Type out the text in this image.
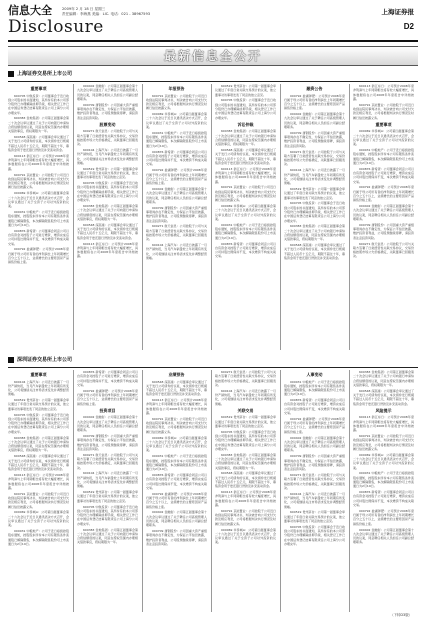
信息大全	2009年 2 月 18 日 星期三
责任编辑：李海燕 美编：LIC. 电话：021 - 38967593	上海证券报
Disclosure	D2
最新信息全公开
上海证券交易所上市公司
深圳证券交易所上市公司
重要事项

600705 中航投资：公司董事会于近日收到公司股东的书面通知，其所持有的本公司部分股份已办理解除质押手续，相关登记工作已在中国证券登记结算有限责任公司上海分公司办理完毕。

600383 金地集团：公司第五届董事会第二十次会议审议通过了关于公司向银行申请综合授信额度的议案，同意在授权范围内办理相关借款事宜，授权期限为一年。

600548 深高速：公司董事会审议通过了关于发行公司债券的议案，本次债券发行规模不超过人民币十五亿元，期限不超过十年，募集资金用于偿还银行贷款及补充流动资金。

600113 浙江东日：公司预计2008年度净利润与上年同期相比将有较大幅度增长，具体数据将在公司2008年年度报告中详细披露。

600791 京能置业：公司控股子公司近日收到法院民事判决书，判决被告向公司支付欠款及相应利息，公司将根据判决执行情况及时履行信息披露义务。

000069 华侨城A：公司第四届董事会第二十六次会议于近日以通讯表决方式召开，会议审议通过了关于全资子公司对外投资的议案。

000031 中粮地产：公司于近日接到控股股东通知，控股股东所持本公司有限售条件流通股已解除限售，本次解除限售股份可上市流通日为2月19日。

000876 新希望：公司董事会同意公司以自有资金对控股子公司进行增资，增资完成后公司持股比例保持不变，本次增资不构成关联交易。

000792 盐湖钾肥：公司预计2008年度归属于母公司所有者的净利润比上年同期增长百分之五十以上，业绩增长的主要原因是产品销售价格上涨。

000402 金融街：公司第五届董事会第十九次会议审议通过了关于聘任公司高级管理人员的议案，同意聘任相关人员担任公司副总经理职务。

000709 唐钢股份：公司因重大资产重组事项尚存在不确定性，为保证公平信息披露，维护投资者利益，公司股票继续停牌，请投资者注意投资风险。

股票变动

600271 航天信息：公司控股子公司与关联方签署了日常经营性关联交易协议，交易价格按照市场公允价格确定，关联董事已回避表决。

600104 上海汽车：公司近日披露了一月份产销快报，当月汽车销量较上年同期有所变化，公司将继续关注市场需求变化并调整经营策略。

600519 贵州茅台：公司第一届董事会审议通过了年度日常关联交易预计的议案，独立董事对该事项发表了同意的独立意见。

600705 中航投资：公司董事会于近日收到公司股东的书面通知，其所持有的本公司部分股份已办理解除质押手续，相关登记工作已在中国证券登记结算有限责任公司上海分公司办理完毕。

600383 金地集团：公司第五届董事会第二十次会议审议通过了关于公司向银行申请综合授信额度的议案，同意在授权范围内办理相关借款事宜，授权期限为一年。

600548 深高速：公司董事会审议通过了关于发行公司债券的议案，本次债券发行规模不超过人民币十五亿元，期限不超过十年，募集资金用于偿还银行贷款及补充流动资金。

600113 浙江东日：公司预计2008年度净利润与上年同期相比将有较大幅度增长，具体数据将在公司2008年年度报告中详细披露。

年报预告

600791 京能置业：公司控股子公司近日收到法院民事判决书，判决被告向公司支付欠款及相应利息，公司将根据判决执行情况及时履行信息披露义务。

000069 华侨城A：公司第四届董事会第二十六次会议于近日以通讯表决方式召开，会议审议通过了关于全资子公司对外投资的议案。

000031 中粮地产：公司于近日接到控股股东通知，控股股东所持本公司有限售条件流通股已解除限售，本次解除限售股份可上市流通日为2月19日。

000876 新希望：公司董事会同意公司以自有资金对控股子公司进行增资，增资完成后公司持股比例保持不变，本次增资不构成关联交易。

000792 盐湖钾肥：公司预计2008年度归属于母公司所有者的净利润比上年同期增长百分之五十以上，业绩增长的主要原因是产品销售价格上涨。

000402 金融街：公司第五届董事会第十九次会议审议通过了关于聘任公司高级管理人员的议案，同意聘任相关人员担任公司副总经理职务。

000709 唐钢股份：公司因重大资产重组事项尚存在不确定性，为保证公平信息披露，维护投资者利益，公司股票继续停牌，请投资者注意投资风险。

600271 航天信息：公司控股子公司与关联方签署了日常经营性关联交易协议，交易价格按照市场公允价格确定，关联董事已回避表决。

600104 上海汽车：公司近日披露了一月份产销快报，当月汽车销量较上年同期有所变化，公司将继续关注市场需求变化并调整经营策略。

600519 贵州茅台：公司第一届董事会审议通过了年度日常关联交易预计的议案，独立董事对该事项发表了同意的独立意见。

600705 中航投资：公司董事会于近日收到公司股东的书面通知，其所持有的本公司部分股份已办理解除质押手续，相关登记工作已在中国证券登记结算有限责任公司上海分公司办理完毕。

诉讼仲裁

600383 金地集团：公司第五届董事会第二十次会议审议通过了关于公司向银行申请综合授信额度的议案，同意在授权范围内办理相关借款事宜，授权期限为一年。

600548 深高速：公司董事会审议通过了关于发行公司债券的议案，本次债券发行规模不超过人民币十五亿元，期限不超过十年，募集资金用于偿还银行贷款及补充流动资金。

600113 浙江东日：公司预计2008年度净利润与上年同期相比将有较大幅度增长，具体数据将在公司2008年年度报告中详细披露。

600791 京能置业：公司控股子公司近日收到法院民事判决书，判决被告向公司支付欠款及相应利息，公司将根据判决执行情况及时履行信息披露义务。

000069 华侨城A：公司第四届董事会第二十六次会议于近日以通讯表决方式召开，会议审议通过了关于全资子公司对外投资的议案。

000031 中粮地产：公司于近日接到控股股东通知，控股股东所持本公司有限售条件流通股已解除限售，本次解除限售股份可上市流通日为2月19日。

000876 新希望：公司董事会同意公司以自有资金对控股子公司进行增资，增资完成后公司持股比例保持不变，本次增资不构成关联交易。

融资公告

000792 盐湖钾肥：公司预计2008年度归属于母公司所有者的净利润比上年同期增长百分之五十以上，业绩增长的主要原因是产品销售价格上涨。

000402 金融街：公司第五届董事会第十九次会议审议通过了关于聘任公司高级管理人员的议案，同意聘任相关人员担任公司副总经理职务。

000709 唐钢股份：公司因重大资产重组事项尚存在不确定性，为保证公平信息披露，维护投资者利益，公司股票继续停牌，请投资者注意投资风险。

600271 航天信息：公司控股子公司与关联方签署了日常经营性关联交易协议，交易价格按照市场公允价格确定，关联董事已回避表决。

600104 上海汽车：公司近日披露了一月份产销快报，当月汽车销量较上年同期有所变化，公司将继续关注市场需求变化并调整经营策略。

600519 贵州茅台：公司第一届董事会审议通过了年度日常关联交易预计的议案，独立董事对该事项发表了同意的独立意见。

600705 中航投资：公司董事会于近日收到公司股东的书面通知，其所持有的本公司部分股份已办理解除质押手续，相关登记工作已在中国证券登记结算有限责任公司上海分公司办理完毕。

600383 金地集团：公司第五届董事会第二十次会议审议通过了关于公司向银行申请综合授信额度的议案，同意在授权范围内办理相关借款事宜，授权期限为一年。

600548 深高速：公司董事会审议通过了关于发行公司债券的议案，本次债券发行规模不超过人民币十五亿元，期限不超过十年，募集资金用于偿还银行贷款及补充流动资金。

600113 浙江东日：公司预计2008年度净利润与上年同期相比将有较大幅度增长，具体数据将在公司2008年年度报告中详细披露。

600791 京能置业：公司控股子公司近日收到法院民事判决书，判决被告向公司支付欠款及相应利息，公司将根据判决执行情况及时履行信息披露义务。

重要事项

000069 华侨城A：公司第四届董事会第二十六次会议于近日以通讯表决方式召开，会议审议通过了关于全资子公司对外投资的议案。

000031 中粮地产：公司于近日接到控股股东通知，控股股东所持本公司有限售条件流通股已解除限售，本次解除限售股份可上市流通日为2月19日。

000876 新希望：公司董事会同意公司以自有资金对控股子公司进行增资，增资完成后公司持股比例保持不变，本次增资不构成关联交易。

000792 盐湖钾肥：公司预计2008年度归属于母公司所有者的净利润比上年同期增长百分之五十以上，业绩增长的主要原因是产品销售价格上涨。

000402 金融街：公司第五届董事会第十九次会议审议通过了关于聘任公司高级管理人员的议案，同意聘任相关人员担任公司副总经理职务。

000709 唐钢股份：公司因重大资产重组事项尚存在不确定性，为保证公平信息披露，维护投资者利益，公司股票继续停牌，请投资者注意投资风险。

600271 航天信息：公司控股子公司与关联方签署了日常经营性关联交易协议，交易价格按照市场公允价格确定，关联董事已回避表决。

重要事项

600104 上海汽车：公司近日披露了一月份产销快报，当月汽车销量较上年同期有所变化，公司将继续关注市场需求变化并调整经营策略。

600519 贵州茅台：公司第一届董事会审议通过了年度日常关联交易预计的议案，独立董事对该事项发表了同意的独立意见。

600705 中航投资：公司董事会于近日收到公司股东的书面通知，其所持有的本公司部分股份已办理解除质押手续，相关登记工作已在中国证券登记结算有限责任公司上海分公司办理完毕。

600383 金地集团：公司第五届董事会第二十次会议审议通过了关于公司向银行申请综合授信额度的议案，同意在授权范围内办理相关借款事宜，授权期限为一年。

600548 深高速：公司董事会审议通过了关于发行公司债券的议案，本次债券发行规模不超过人民币十五亿元，期限不超过十年，募集资金用于偿还银行贷款及补充流动资金。

600113 浙江东日：公司预计2008年度净利润与上年同期相比将有较大幅度增长，具体数据将在公司2008年年度报告中详细披露。

600791 京能置业：公司控股子公司近日收到法院民事判决书，判决被告向公司支付欠款及相应利息，公司将根据判决执行情况及时履行信息披露义务。

000069 华侨城A：公司第四届董事会第二十六次会议于近日以通讯表决方式召开，会议审议通过了关于全资子公司对外投资的议案。

000031 中粮地产：公司于近日接到控股股东通知，控股股东所持本公司有限售条件流通股已解除限售，本次解除限售股份可上市流通日为2月19日。

000876 新希望：公司董事会同意公司以自有资金对控股子公司进行增资，增资完成后公司持股比例保持不变，本次增资不构成关联交易。

000792 盐湖钾肥：公司预计2008年度归属于母公司所有者的净利润比上年同期增长百分之五十以上，业绩增长的主要原因是产品销售价格上涨。

投资项目

000402 金融街：公司第五届董事会第十九次会议审议通过了关于聘任公司高级管理人员的议案，同意聘任相关人员担任公司副总经理职务。

000709 唐钢股份：公司因重大资产重组事项尚存在不确定性，为保证公平信息披露，维护投资者利益，公司股票继续停牌，请投资者注意投资风险。

600271 航天信息：公司控股子公司与关联方签署了日常经营性关联交易协议，交易价格按照市场公允价格确定，关联董事已回避表决。

600104 上海汽车：公司近日披露了一月份产销快报，当月汽车销量较上年同期有所变化，公司将继续关注市场需求变化并调整经营策略。

600519 贵州茅台：公司第一届董事会审议通过了年度日常关联交易预计的议案，独立董事对该事项发表了同意的独立意见。

600705 中航投资：公司董事会于近日收到公司股东的书面通知，其所持有的本公司部分股份已办理解除质押手续，相关登记工作已在中国证券登记结算有限责任公司上海分公司办理完毕。

600383 金地集团：公司第五届董事会第二十次会议审议通过了关于公司向银行申请综合授信额度的议案，同意在授权范围内办理相关借款事宜，授权期限为一年。

业绩预告

600548 深高速：公司董事会审议通过了关于发行公司债券的议案，本次债券发行规模不超过人民币十五亿元，期限不超过十年，募集资金用于偿还银行贷款及补充流动资金。

600113 浙江东日：公司预计2008年度净利润与上年同期相比将有较大幅度增长，具体数据将在公司2008年年度报告中详细披露。

600791 京能置业：公司控股子公司近日收到法院民事判决书，判决被告向公司支付欠款及相应利息，公司将根据判决执行情况及时履行信息披露义务。

000069 华侨城A：公司第四届董事会第二十六次会议于近日以通讯表决方式召开，会议审议通过了关于全资子公司对外投资的议案。

000031 中粮地产：公司于近日接到控股股东通知，控股股东所持本公司有限售条件流通股已解除限售，本次解除限售股份可上市流通日为2月19日。

000876 新希望：公司董事会同意公司以自有资金对控股子公司进行增资，增资完成后公司持股比例保持不变，本次增资不构成关联交易。

000792 盐湖钾肥：公司预计2008年度归属于母公司所有者的净利润比上年同期增长百分之五十以上，业绩增长的主要原因是产品销售价格上涨。

000402 金融街：公司第五届董事会第十九次会议审议通过了关于聘任公司高级管理人员的议案，同意聘任相关人员担任公司副总经理职务。

000709 唐钢股份：公司因重大资产重组事项尚存在不确定性，为保证公平信息披露，维护投资者利益，公司股票继续停牌，请投资者注意投资风险。

600271 航天信息：公司控股子公司与关联方签署了日常经营性关联交易协议，交易价格按照市场公允价格确定，关联董事已回避表决。

600104 上海汽车：公司近日披露了一月份产销快报，当月汽车销量较上年同期有所变化，公司将继续关注市场需求变化并调整经营策略。

关联交易

600519 贵州茅台：公司第一届董事会审议通过了年度日常关联交易预计的议案，独立董事对该事项发表了同意的独立意见。

600705 中航投资：公司董事会于近日收到公司股东的书面通知，其所持有的本公司部分股份已办理解除质押手续，相关登记工作已在中国证券登记结算有限责任公司上海分公司办理完毕。

600383 金地集团：公司第五届董事会第二十次会议审议通过了关于公司向银行申请综合授信额度的议案，同意在授权范围内办理相关借款事宜，授权期限为一年。

600548 深高速：公司董事会审议通过了关于发行公司债券的议案，本次债券发行规模不超过人民币十五亿元，期限不超过十年，募集资金用于偿还银行贷款及补充流动资金。

600113 浙江东日：公司预计2008年度净利润与上年同期相比将有较大幅度增长，具体数据将在公司2008年年度报告中详细披露。

600791 京能置业：公司控股子公司近日收到法院民事判决书，判决被告向公司支付欠款及相应利息，公司将根据判决执行情况及时履行信息披露义务。

000069 华侨城A：公司第四届董事会第二十六次会议于近日以通讯表决方式召开，会议审议通过了关于全资子公司对外投资的议案。

人事变动

000031 中粮地产：公司于近日接到控股股东通知，控股股东所持本公司有限售条件流通股已解除限售，本次解除限售股份可上市流通日为2月19日。

000876 新希望：公司董事会同意公司以自有资金对控股子公司进行增资，增资完成后公司持股比例保持不变，本次增资不构成关联交易。

000792 盐湖钾肥：公司预计2008年度归属于母公司所有者的净利润比上年同期增长百分之五十以上，业绩增长的主要原因是产品销售价格上涨。

000402 金融街：公司第五届董事会第十九次会议审议通过了关于聘任公司高级管理人员的议案，同意聘任相关人员担任公司副总经理职务。

000709 唐钢股份：公司因重大资产重组事项尚存在不确定性，为保证公平信息披露，维护投资者利益，公司股票继续停牌，请投资者注意投资风险。

600271 航天信息：公司控股子公司与关联方签署了日常经营性关联交易协议，交易价格按照市场公允价格确定，关联董事已回避表决。

600104 上海汽车：公司近日披露了一月份产销快报，当月汽车销量较上年同期有所变化，公司将继续关注市场需求变化并调整经营策略。

600519 贵州茅台：公司第一届董事会审议通过了年度日常关联交易预计的议案，独立董事对该事项发表了同意的独立意见。

600705 中航投资：公司董事会于近日收到公司股东的书面通知，其所持有的本公司部分股份已办理解除质押手续，相关登记工作已在中国证券登记结算有限责任公司上海分公司办理完毕。

600383 金地集团：公司第五届董事会第二十次会议审议通过了关于公司向银行申请综合授信额度的议案，同意在授权范围内办理相关借款事宜，授权期限为一年。

600548 深高速：公司董事会审议通过了关于发行公司债券的议案，本次债券发行规模不超过人民币十五亿元，期限不超过十年，募集资金用于偿还银行贷款及补充流动资金。

风险提示

600113 浙江东日：公司预计2008年度净利润与上年同期相比将有较大幅度增长，具体数据将在公司2008年年度报告中详细披露。

600791 京能置业：公司控股子公司近日收到法院民事判决书，判决被告向公司支付欠款及相应利息，公司将根据判决执行情况及时履行信息披露义务。

000069 华侨城A：公司第四届董事会第二十六次会议于近日以通讯表决方式召开，会议审议通过了关于全资子公司对外投资的议案。

000031 中粮地产：公司于近日接到控股股东通知，控股股东所持本公司有限售条件流通股已解除限售，本次解除限售股份可上市流通日为2月19日。

000876 新希望：公司董事会同意公司以自有资金对控股子公司进行增资，增资完成后公司持股比例保持不变，本次增资不构成关联交易。

000792 盐湖钾肥：公司预计2008年度归属于母公司所有者的净利润比上年同期增长百分之五十以上，业绩增长的主要原因是产品销售价格上涨。

000402 金融街：公司第五届董事会第十九次会议审议通过了关于聘任公司高级管理人员的议案，同意聘任相关人员担任公司副总经理职务。

（下转D3版）
